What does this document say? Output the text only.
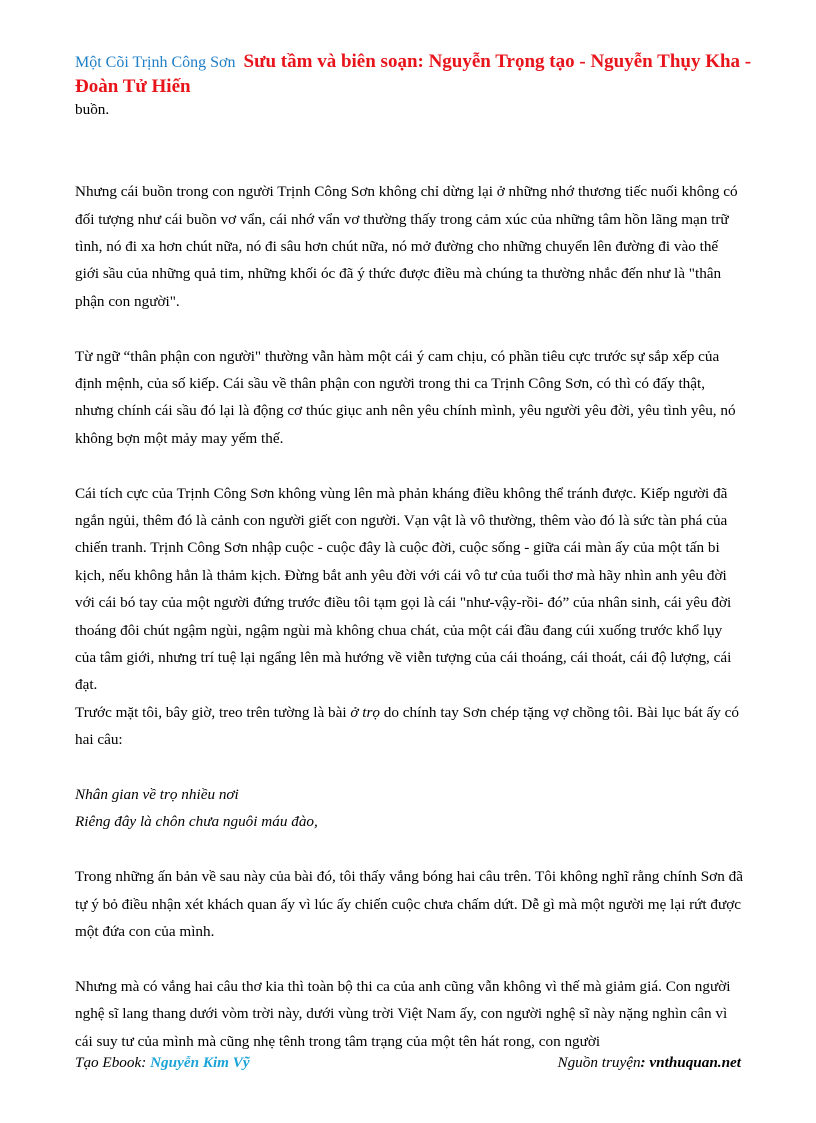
Một Cõi Trịnh Công Sơn Sưu tầm và biên soạn: Nguyễn Trọng tạo - Nguyễn Thụy Kha - Đoàn Tử Hiến

buồn.

Nhưng cái buồn trong con người Trịnh Công Sơn không chỉ dừng lại ở những nhớ thương tiếc nuối không có đối tượng như cái buồn vơ vẩn, cái nhớ vẩn vơ thường thấy trong cảm xúc của những tâm hồn lãng mạn trữ tình, nó đi xa hơn chút nữa, nó đi sâu hơn chút nữa, nó mở đường cho những chuyển lên đường đi vào thế giới sầu của những quả tim, những khối óc đã ý thức được điều mà chúng ta thường nhắc đến như là "thân phận con người".

Từ ngữ “thân phận con người" thường vẫn hàm một cái ý cam chịu, có phần tiêu cực trước sự sắp xếp của định mệnh, của số kiếp. Cái sầu về thân phận con người trong thi ca Trịnh Công Sơn, có thì có đấy thật, nhưng chính cái sầu đó lại là động cơ thúc giục anh nên yêu chính mình, yêu người yêu đời, yêu tình yêu, nó không bợn một mảy may yếm thế.

Cái tích cực của Trịnh Công Sơn không vùng lên mà phản kháng điều không thể tránh được. Kiếp người đã ngắn ngủi, thêm đó là cảnh con người giết con người. Vạn vật là vô thường, thêm vào đó là sức tàn phá của chiến tranh. Trịnh Công Sơn nhập cuộc - cuộc đây là cuộc đời, cuộc sống - giữa cái màn ấy của một tấn bi kịch, nếu không hẳn là thảm kịch. Đừng bắt anh yêu đời với cái vô tư của tuổi thơ mà hãy nhìn anh yêu đời với cái bó tay của một người đứng trước điều tôi tạm gọi là cái "như-vậy-rồi- đó” của nhân sinh, cái yêu đời thoáng đôi chút ngậm ngùi, ngậm ngùi mà không chua chát, của một cái đầu đang cúi xuống trước khổ lụy của tâm giới, nhưng trí tuệ lại ngẩng lên mà hướng về viễn tượng của cái thoáng, cái thoát, cái độ lượng, cái đạt.

Trước mặt tôi, bây giờ, treo trên tường là bài ở trọ do chính tay Sơn chép tặng vợ chồng tôi. Bài lục bát ấy có hai câu:

Nhân gian về trọ nhiều nơi

Riêng đây là chôn chưa nguôi máu đào,

Trong những ấn bản về sau này của bài đó, tôi thấy vắng bóng hai câu trên. Tôi không nghĩ rằng chính Sơn đã tự ý bỏ điều nhận xét khách quan ấy vì lúc ấy chiến cuộc chưa chấm dứt. Dễ gì mà một người mẹ lại rứt được một đứa con của mình.

Nhưng mà có vắng hai câu thơ kia thì toàn bộ thi ca của anh cũng vẫn không vì thế mà giảm giá. Con người nghệ sĩ lang thang dưới vòm trời này, dưới vùng trời Việt Nam ấy, con người nghệ sĩ này nặng nghìn cân vì cái suy tư của mình mà cũng nhẹ tênh trong tâm trạng của một tên hát rong, con người

Tạo Ebook: Nguyễn Kim Vỹ	Nguồn truyện: vnthuquan.net
